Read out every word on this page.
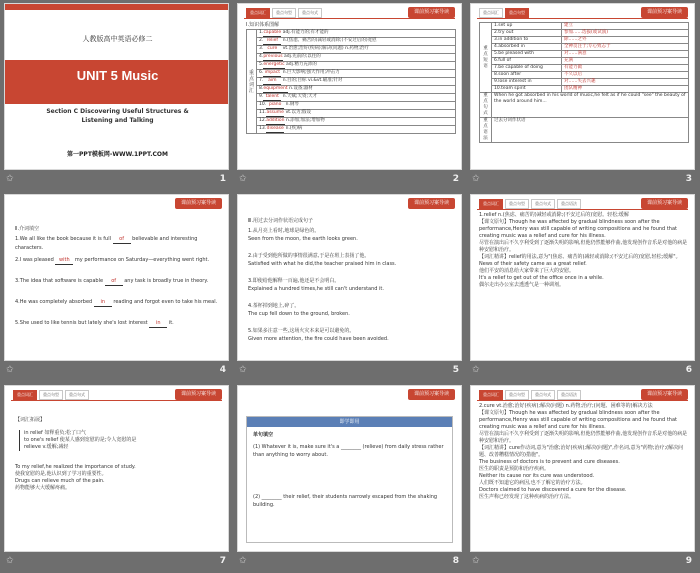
人教版高中英语必修二
UNIT 5 Music
Section C Discovering Useful Structures &
Listening and Talking
第一PPT模板网-WWW.1PPT.COM
✩	1
课前预习案导读
重点词汇	重点句型	重点句式
Ⅰ.知识体系图解
重点词汇	1.capable adj.有能力的;有才能的
2. relief n.(焦虑、痛苦的)减轻或消除;(不安过后的)宽慰
3. cure vt.治愈;治好(疾病);解决(问题) n.药物;治疗
4.previous adj.先前的;以往的
5.energetic adj.精力充沛的
6.impact n.巨大影响;强大作用;冲击力
7. aim n.目的;目标 vi.&vt.瞄准;针对
8.equipment n.设备;器材
9. talent n.天赋;天资;天才
10. piano n.钢琴
11.assume vt.以为;假设
12.addition n.添加;加法;增加物
13.disease n.(疾)病
✩	2
课前预习案导读
重点词汇	重点句型
重点短语	1.set up	建立
	2.try out	参加……选拔(或试演)
	3.in addition to	除……之外
	4.absorbed in	全神贯注于;专心致志于
	5.be pleased with	对……满意
	6.full of	充满
	7.be capable of doing	有能力做
	8.soon after	不久以后
	9.lose interest in	对……失去兴趣
	10.team spirit	团队精神
重点句式	When he got absorbed in his world of music,he felt as if he could "see" the beauty of the world around him...	
重点语法	过去分词作状语	
✩	3
课前预习案导读
Ⅱ.介词填空
1.We all like the book because it is full of believable and interesting characters.
2.I was pleased with my performance on Saturday—everything went right.
3.The idea that software is capable of any task is broadly true in theory.
4.He was completely absorbed in reading and forgot even to take his meal.
5.She used to like tennis but lately she's lost interest in it.
✩	4
课前预习案导读
Ⅲ.用过去分词作状语完成句子
1.从月亮上看时,地球是绿色的。
Seen from the moon, the earth looks green.
2.由于受到他所做的事情很满意,于是在班上表扬了他。
Satisfied with what he did,the teacher praised him in class.
3.即使给他解释一百遍,他还是不会明白。
Explained a hundred times,he still can't understand it.
4.茶杯掉到地上,碎了。
The cup fell down to the ground, broken.
5.如果多注意一些,这场火灾本来是可以避免的。
Given more attention, the fire could have been avoided.
✩	5
重点词汇	重点句型	重点句式	重点语法	课前预习案导读
1.relief n.(焦虑、痛苦的)减轻或消除;(不安过后的)宽慰。轻松;缓解
【课文原句】Though he was affected by gradual blindness soon after the performance,Henry was still capable of writing compositions and he found that creating music was a relief and cure for his illness.
尽管在演出后不久亨利受到了逐渐失明的影响,但他仍然能够作曲,他发现创作音乐是对他的病是种安慰和治疗。
【词汇精讲】relief的用法,意为"(焦虑、痛苦的)减轻或消除;(不安过后的)宽慰,轻松;缓解"。
News of their safety came as a great relief.
他们平安的消息给大家带来了巨大的安慰。
It's a relief to get out of the office once in a while.
偶尔走出办公室去透透气是一种调剂。
✩	6
重点词汇	重点句型	重点句式	课前预习案导读
【词汇拓展】
in relief 如释重负;松了口气
to one's relief 使某人感到宽慰的是;令人宽慰的是
relieve v.缓解;减轻
To my relief,he realized the importance of study.
使我宽慰的是,他认识到了学习的重要性。
Drugs can relieve much of the pain.
药物能够大大缓解疼痛。
✩	7
课前预习案导读
即学即用
单句填空
(1) Whatever it is, make sure it's a ________ (relieve) from daily stress rather than anything to worry about.
(2) ________ their relief, their students narrowly escaped from the shaking building.
✩	8
重点词汇	重点句型	重点句式	重点语法	课前预习案导读
2.cure vt.治愈;治好(疾病);解决(问题) n.药物;治疗;(问题、困难等的)解决方法
【课文原句】Though he was affected by gradual blindness soon after the performance,Henry was still capable of writing compositions and he found that creating music was a relief and cure for his illness.
尽管在演出后不久亨利受到了逐渐失明的影响,但他仍然能够作曲,他发现创作音乐是对他的病是种安慰和治疗。
【词汇精讲】cure作动词,意为"治愈;治好(疾病);解决(问题)",作名词,意为"药物;治疗;(解决问题、改善糟糕情况的)措施"。
The business of doctors is to prevent and cure diseases.
医生的职责是预防和治疗疾病。
Neither its cause nor its cure was understood.
人们既不知道它的病因,也不了解它的治疗方法。
Doctors claimed to have discovered a cure for the disease.
医生声称已经发现了这种疾病的治疗方法。
✩	9
